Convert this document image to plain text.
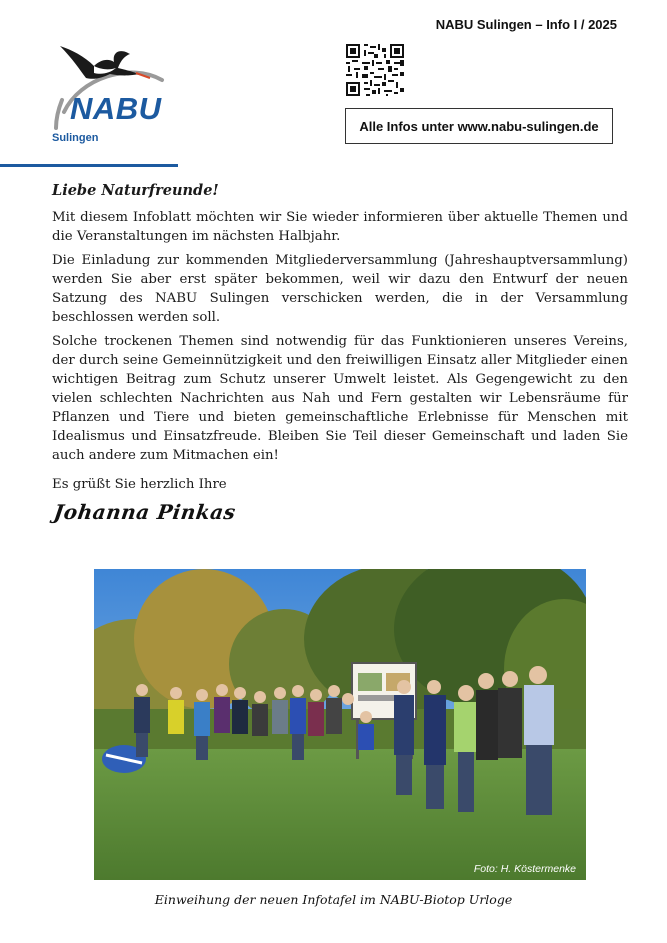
NABU Sulingen – Info I / 2025
NABU
Sulingen
Alle Infos unter www.nabu-sulingen.de

Liebe Naturfreunde!

Mit diesem Infoblatt möchten wir Sie wieder informieren über aktuelle Themen und die Veranstaltungen im nächsten Halbjahr.

Die Einladung zur kommenden Mitgliederversammlung (Jahreshauptversammlung) werden Sie aber erst später bekommen, weil wir dazu den Entwurf der neuen Satzung des NABU Sulingen verschicken werden, die in der Versammlung beschlossen werden soll.

Solche trockenen Themen sind notwendig für das Funktionieren unseres Vereins, der durch seine Gemeinnützigkeit und den freiwilligen Einsatz aller Mitglieder einen wichtigen Beitrag zum Schutz unserer Umwelt leistet. Als Gegengewicht zu den vielen schlechten Nachrichten aus Nah und Fern gestalten wir Lebensräume für Pflanzen und Tiere und bieten gemeinschaftliche Erlebnisse für Menschen mit Idealismus und Einsatzfreude. Bleiben Sie Teil dieser Gemeinschaft und laden Sie auch andere zum Mitmachen ein!

Es grüßt Sie herzlich Ihre

Johanna Pinkas
Foto: H. Köstermenke
Einweihung der neuen Infotafel im NABU-Biotop Urloge
